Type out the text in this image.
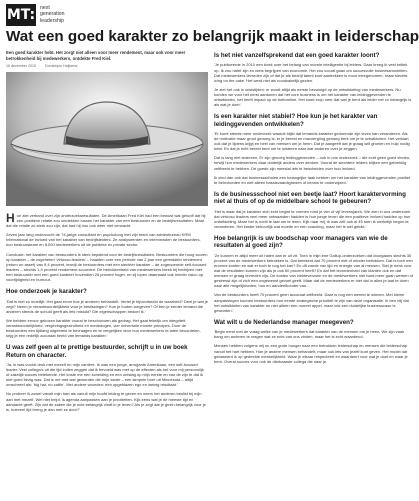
MT: next
generation
leadership
Wat een goed karakter zo belangrijk maakt in leiderschap
Een goed karakter hebt. Het zorgt niet alleen voor meer rendement, maar ook voor meer betrokkenheid bij medewerkers, ontdekte Fred Kiel.
16 december 2015	Dominique Haijtema

H oe ziet verband over zijn onderzoeksresultaten. De Amerikaan Fred Kiel had een bewust wat gelooft dat hij een positieve relatie zou ontdekken tussen het karakter van een bestuurder en de bedrijfsresultaten. Maar dat die relatie zó sterk zou zijn, dat had hij nou ook weer niet verwacht.

Zeven jaar lang onderzocht de 74-jarige consultant en psycholoog met zijn team van adviesbureau KRW International de invloed van het karakter van bedrijfsleiders. Ze analyseerden en interviewden de bestuurders, hun bestuursteam en 8.000 medewerkers uit de publieke en private sector.

Conclusie: het karakter van bestuurders is sterk bepalend voor de bedrijfsresultaten. Bestuurders die hoog scoren op karakter – de zogeheten 'virtuoso-leaders' – haalden over een periode van 2 jaar een gemiddeld rendement (return on asset) van 9,4 procent, terwijl de bestuurders met een slechter karakter – de zogenoemde self-focused leaders – slechts 1,9 procent rendement scoorden. De betrokkenheid van medewerkers bleek bij bedrijven met een bestuurder met een goed karakter bovendien 26 procent hoger, en zij lopen daarnaast ook minder risico op voortijdigheid en burnout.

Hoe onderzoek je karakter?

'Dat is niet zo moeilijk. Het gaat erom hoe je anderen behandelt. Vertel je bijvoorbeeld de waarheid? Deel je wat je zegt? Neem je verantwoordelijkheid voor je beslissingen? Kun je fouten toegeven? Of ben je eerder iemand die anderen steeds de schuld geeft als iets mislukt? Die eigenschappen bedoel ik.'

We hebben ervoor gekozen karakter vooral te beschouwen als gedrag. Het gaat feitelijk om integriteit, verantwoordelijkheid, vergevingsgezindheid en mededogen, vier universele morele principes. Door de bestuurders een tijdlang uitgebreid te bevraagen en te vergelijken door hun medewerkers te laten beoordelen, krijg je een redelijk accuraat beeld van iemands karakter.'

U was zelf geen al te prettige bestuurder, schrijft u in uw boek Return on character.

'Ja, ik was vooral druk met mezelf en mijn carrière. Ik was een jonge, arrogante Amerikaan, een self-focused leader. Veel collega's uit die tijd zullen zeggen dat ik bevoeld was met op de effecten als het voor mij persoonlijk of zakelijk succes betekende. Het koste me een scheiding en een ontslag op mijn eerste en van de zijn te dat ik niet goed bezig was. Dat is me met wat geworden die mijn vader – een simpele boer uit Minnesota – altijd omschreef als: 'big hat, no cattle'. Met andere woorden: een opgeblazen ego en weinig resultaat.'

Nu probeer ik zowel vanuit mijn hart als vanuit mijn hoofd leiding te geven en neem het anderen beslist bij mijn aan met mezelf. Wel niet helpt, is agenda aanpassen aan je prioriteiten. Kijk eens wat je de meeste tijd en aandacht geeft. Zijn dat de zaken die je echt belangrijk vindt in je leven? Als je zegt dat je gezin belangrijk voor je is, hoeveel tijd breng je dan met ze door?'

Is het niet vanzelfsprekend dat een goed karakter loont?

'Je publiceerde in 2010 een boek over het belang van morele intelligentie bij leiders. Daar kreeg ik veel kritiek op. Ik zou naïef zijn en niets begrijpen van economie. Het zou vooral gaan om succesvolle businessmodellen. Dat medewerkers tevreden zijn of dat je als bedrijf talent kunt aantrekken is mooi meegenomen, maar slechts icing on the cake. Het werd niet als noodzakelijk gezien.

Je ziet het ook in crisistijden: er wordt altijd als eerste bezuinigd op de ontwikkeling van medewerkers. Nu konden we voor het eerst aantonen dat het core business is om het karakter van leidinggevenden te ontwikkelen, het heeft impact op de bottomline. Het komt erop neer dat wat je bent als leider net zo belangrijk is als wat je doet.'

Is een karakter niet stabiel? Hoe kun je het karakter van leidinggevenden ontwikkelen?

'Er komt steeds meer onderzoek waaruit blijkt dat iemands karakter gedurende zijn leven kan veranderen. Als de motivatie maar groot genoeg is, er je bereid en mavoergiing genoeg bent om je te ontwikkelen. Het verklart ook dat je tijdens krijgt en heel van mensen om je heen. Dat je aangeeft dat je graag wilt groeien en hulp nodig hebt. En dat je echt bereid bent om te luisteren naar wat anderen over je zeggen.

Dat is lang niet iedereen. Er zijn genoeg leidinggevenden – ook in ons onderzoek – die echt geen goed vinden, terwijl hun medewerkers daar duidelijk anders over denken. Vooral de slechtere leiders blijken een gebrekkig zelfbeeld te hebben. De goede zijn meestal iets te bescheiden over hun invloed.

Ik vind dan ook dat businessscholen een belangrijke taak hebben om het karakter van leidinggevenden positief te beïnvloeden en niet alleen bassisvaardigheden of kennis te onderwijzen.'

Is de businessschool niet een beetje laat? Hoort karaktervorming niet al thuis of op de middelbare school te gebeuren?

'Het is waar dat je karakter zich echt begint te vormen rond je vier of vijf levensjaren. We zien in ons onderzoek dat virtuoso leaders veel meer ontwaarden hadden in hun jonge leven die een positieve invloed hadden op hun ontwikkeling. Maar het is nooit te laat om te leren. Kijk naar mij, ik was zelf ook al 45 toen ik werkelijk begon te veranderen. Het kostte behoorlijk wat moeite en een coaching, maar het is wel gelukt.'

Hoe belangrijk is uw boodschap voor managers van wie de resultaten al goed zijn?

'Ze kunnen er altijd meer uit halen dan er uit zit. Toen in mijn ene Gallup-onderzoeken dat doorgaans slechts 30 procent van de medewerkers betrokken is. Dat betekent dat 70 procent niet of minder betrokken. Dat is toch een enorme kosten en wat er toch te nog het kan? En dit zonde van tijd en energie van al mensen. Stel je eens voor wat de resultaten kunnen zijn als je ook 60 procent heeft? En dat het tevredenheid van klanten ook en dat mensen er graag tevreden zijn. De kosten van ziekteverzuim en de medewerkers niet hard meer gaan werken of gestresst zijn of zich een ongewenst gevoel geeft. Maar dat de medewerkers er niet dat in alles je laat te doen naar alle mogelijkheden; hun en aandeelhouder van...

Van de bestuurders heeft 70 procent geen accuraat zelfbeeld. Daar is nog een wereld te winnen. Met kleine aanpassingen kunnen bestuurders hun eerste strategische prioriteit te zijn van deze organisatie. Ik ben blij dat het ontwikkelen van karakter nu niet alleen een moreel appel, maar ook een duidelijke businesscase is geworden.'

Wat wilt u de Nederlandse manager meegeven?

'Begin eerst met de vraag welke van je medewerkers dat karakter van de mensen om je heen. We zijn vaak bang om anderen te vragen wat ze echt van ons vinden, maar het is echt waardevol.

Mensen hebben volgens mij nu een grote honger naar een betrokken leiderschap en mensen die leiderschap vanuit het hart hebben. Hoe je andere mensen behandelt, maar ook iets van jezelf kunt geven. Het model dat gebaseerd is op gedeelde menselijkheid. Waar je elkaar respecteert en waardeert voor wat je doet en waar je bent. Overal succes voor ook de dierbaarste collega die naar je.
